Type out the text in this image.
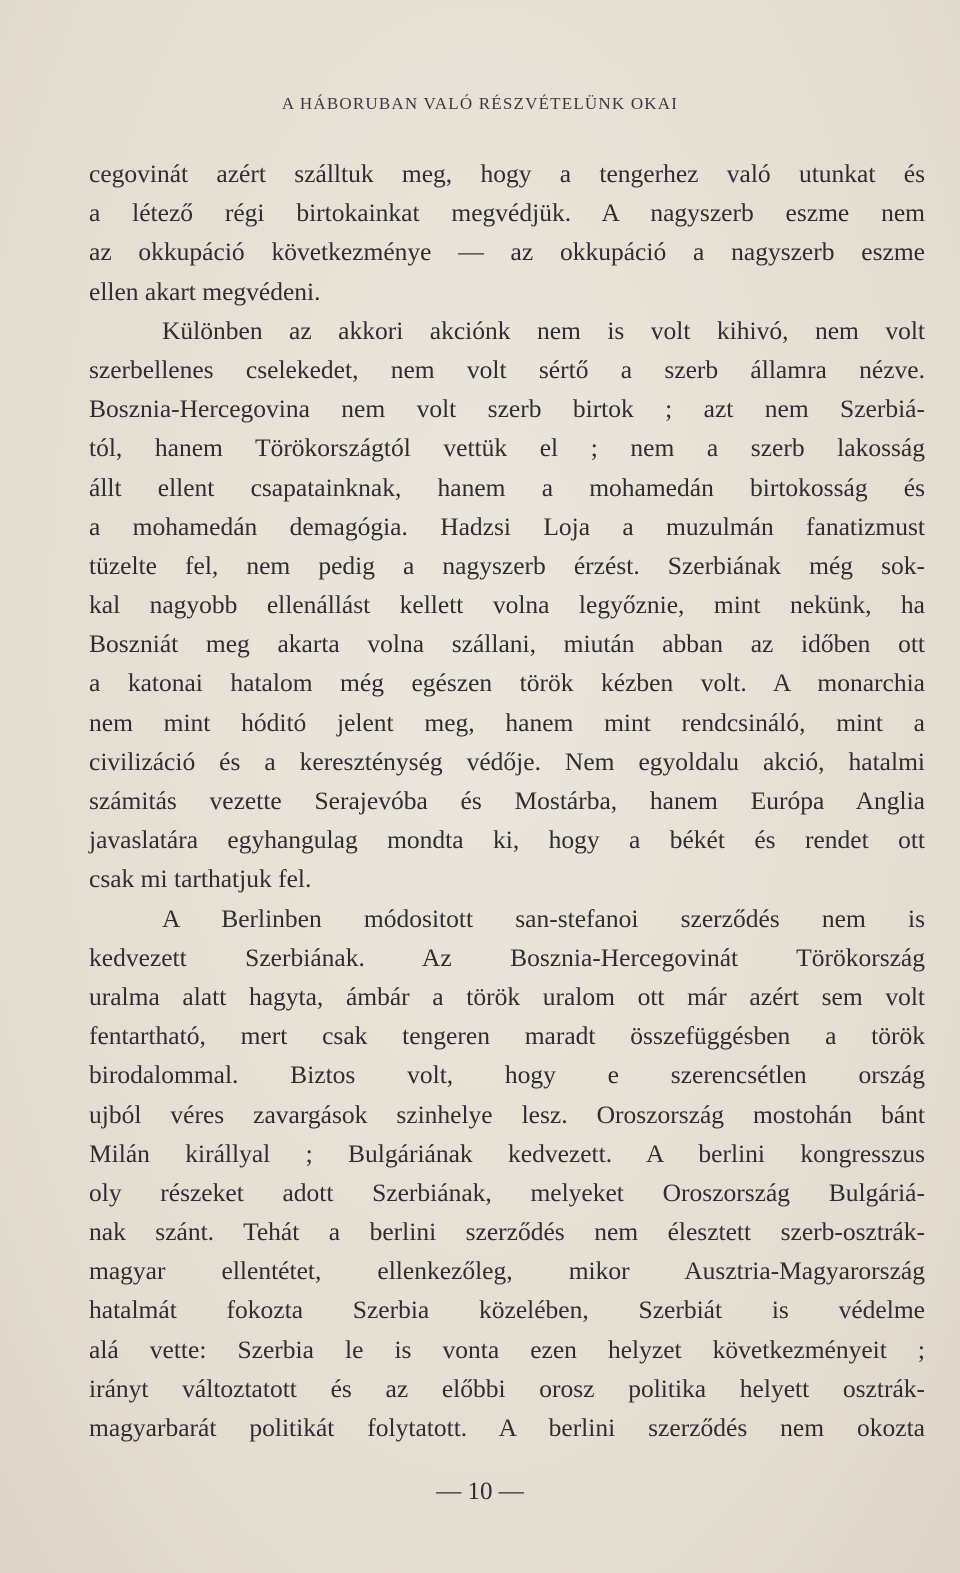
A HÁBORUBAN VALÓ RÉSZVÉTELÜNK OKAI
cegovinát azért szálltuk meg, hogy a tengerhez való utunkat és
a létező régi birtokainkat megvédjük. A nagyszerb eszme nem
az okkupáció következménye — az okkupáció a nagyszerb eszme
ellen akart megvédeni.
Különben az akkori akciónk nem is volt kihivó, nem volt
szerbellenes cselekedet, nem volt sértő a szerb államra nézve.
Bosznia-Hercegovina nem volt szerb birtok ; azt nem Szerbiá-
tól, hanem Törökországtól vettük el ; nem a szerb lakosság
állt ellent csapatainknak, hanem a mohamedán birtokosság és
a mohamedán demagógia. Hadzsi Loja a muzulmán fanatizmust
tüzelte fel, nem pedig a nagyszerb érzést. Szerbiának még sok-
kal nagyobb ellenállást kellett volna legyőznie, mint nekünk, ha
Boszniát meg akarta volna szállani, miután abban az időben ott
a katonai hatalom még egészen török kézben volt. A monarchia
nem mint hóditó jelent meg, hanem mint rendcsináló, mint a
civilizáció és a kereszténység védője. Nem egyoldalu akció, hatalmi
számitás vezette Serajevóba és Mostárba, hanem Európa Anglia
javaslatára egyhangulag mondta ki, hogy a békét és rendet ott
csak mi tarthatjuk fel.
A Berlinben módositott san-stefanoi szerződés nem is
kedvezett Szerbiának. Az Bosznia-Hercegovinát Törökország
uralma alatt hagyta, ámbár a török uralom ott már azért sem volt
fentartható, mert csak tengeren maradt összefüggésben a török
birodalommal. Biztos volt, hogy e szerencsétlen ország
ujból véres zavargások szinhelye lesz. Oroszország mostohán bánt
Milán királlyal ; Bulgáriának kedvezett. A berlini kongresszus
oly részeket adott Szerbiának, melyeket Oroszország Bulgáriá-
nak szánt. Tehát a berlini szerződés nem élesztett szerb-osztrák-
magyar ellentétet, ellenkezőleg, mikor Ausztria-Magyarország
hatalmát fokozta Szerbia közelében, Szerbiát is védelme
alá vette: Szerbia le is vonta ezen helyzet következményeit ;
irányt változtatott és az előbbi orosz politika helyett osztrák-
magyarbarát politikát folytatott. A berlini szerződés nem okozta
— 10 —
